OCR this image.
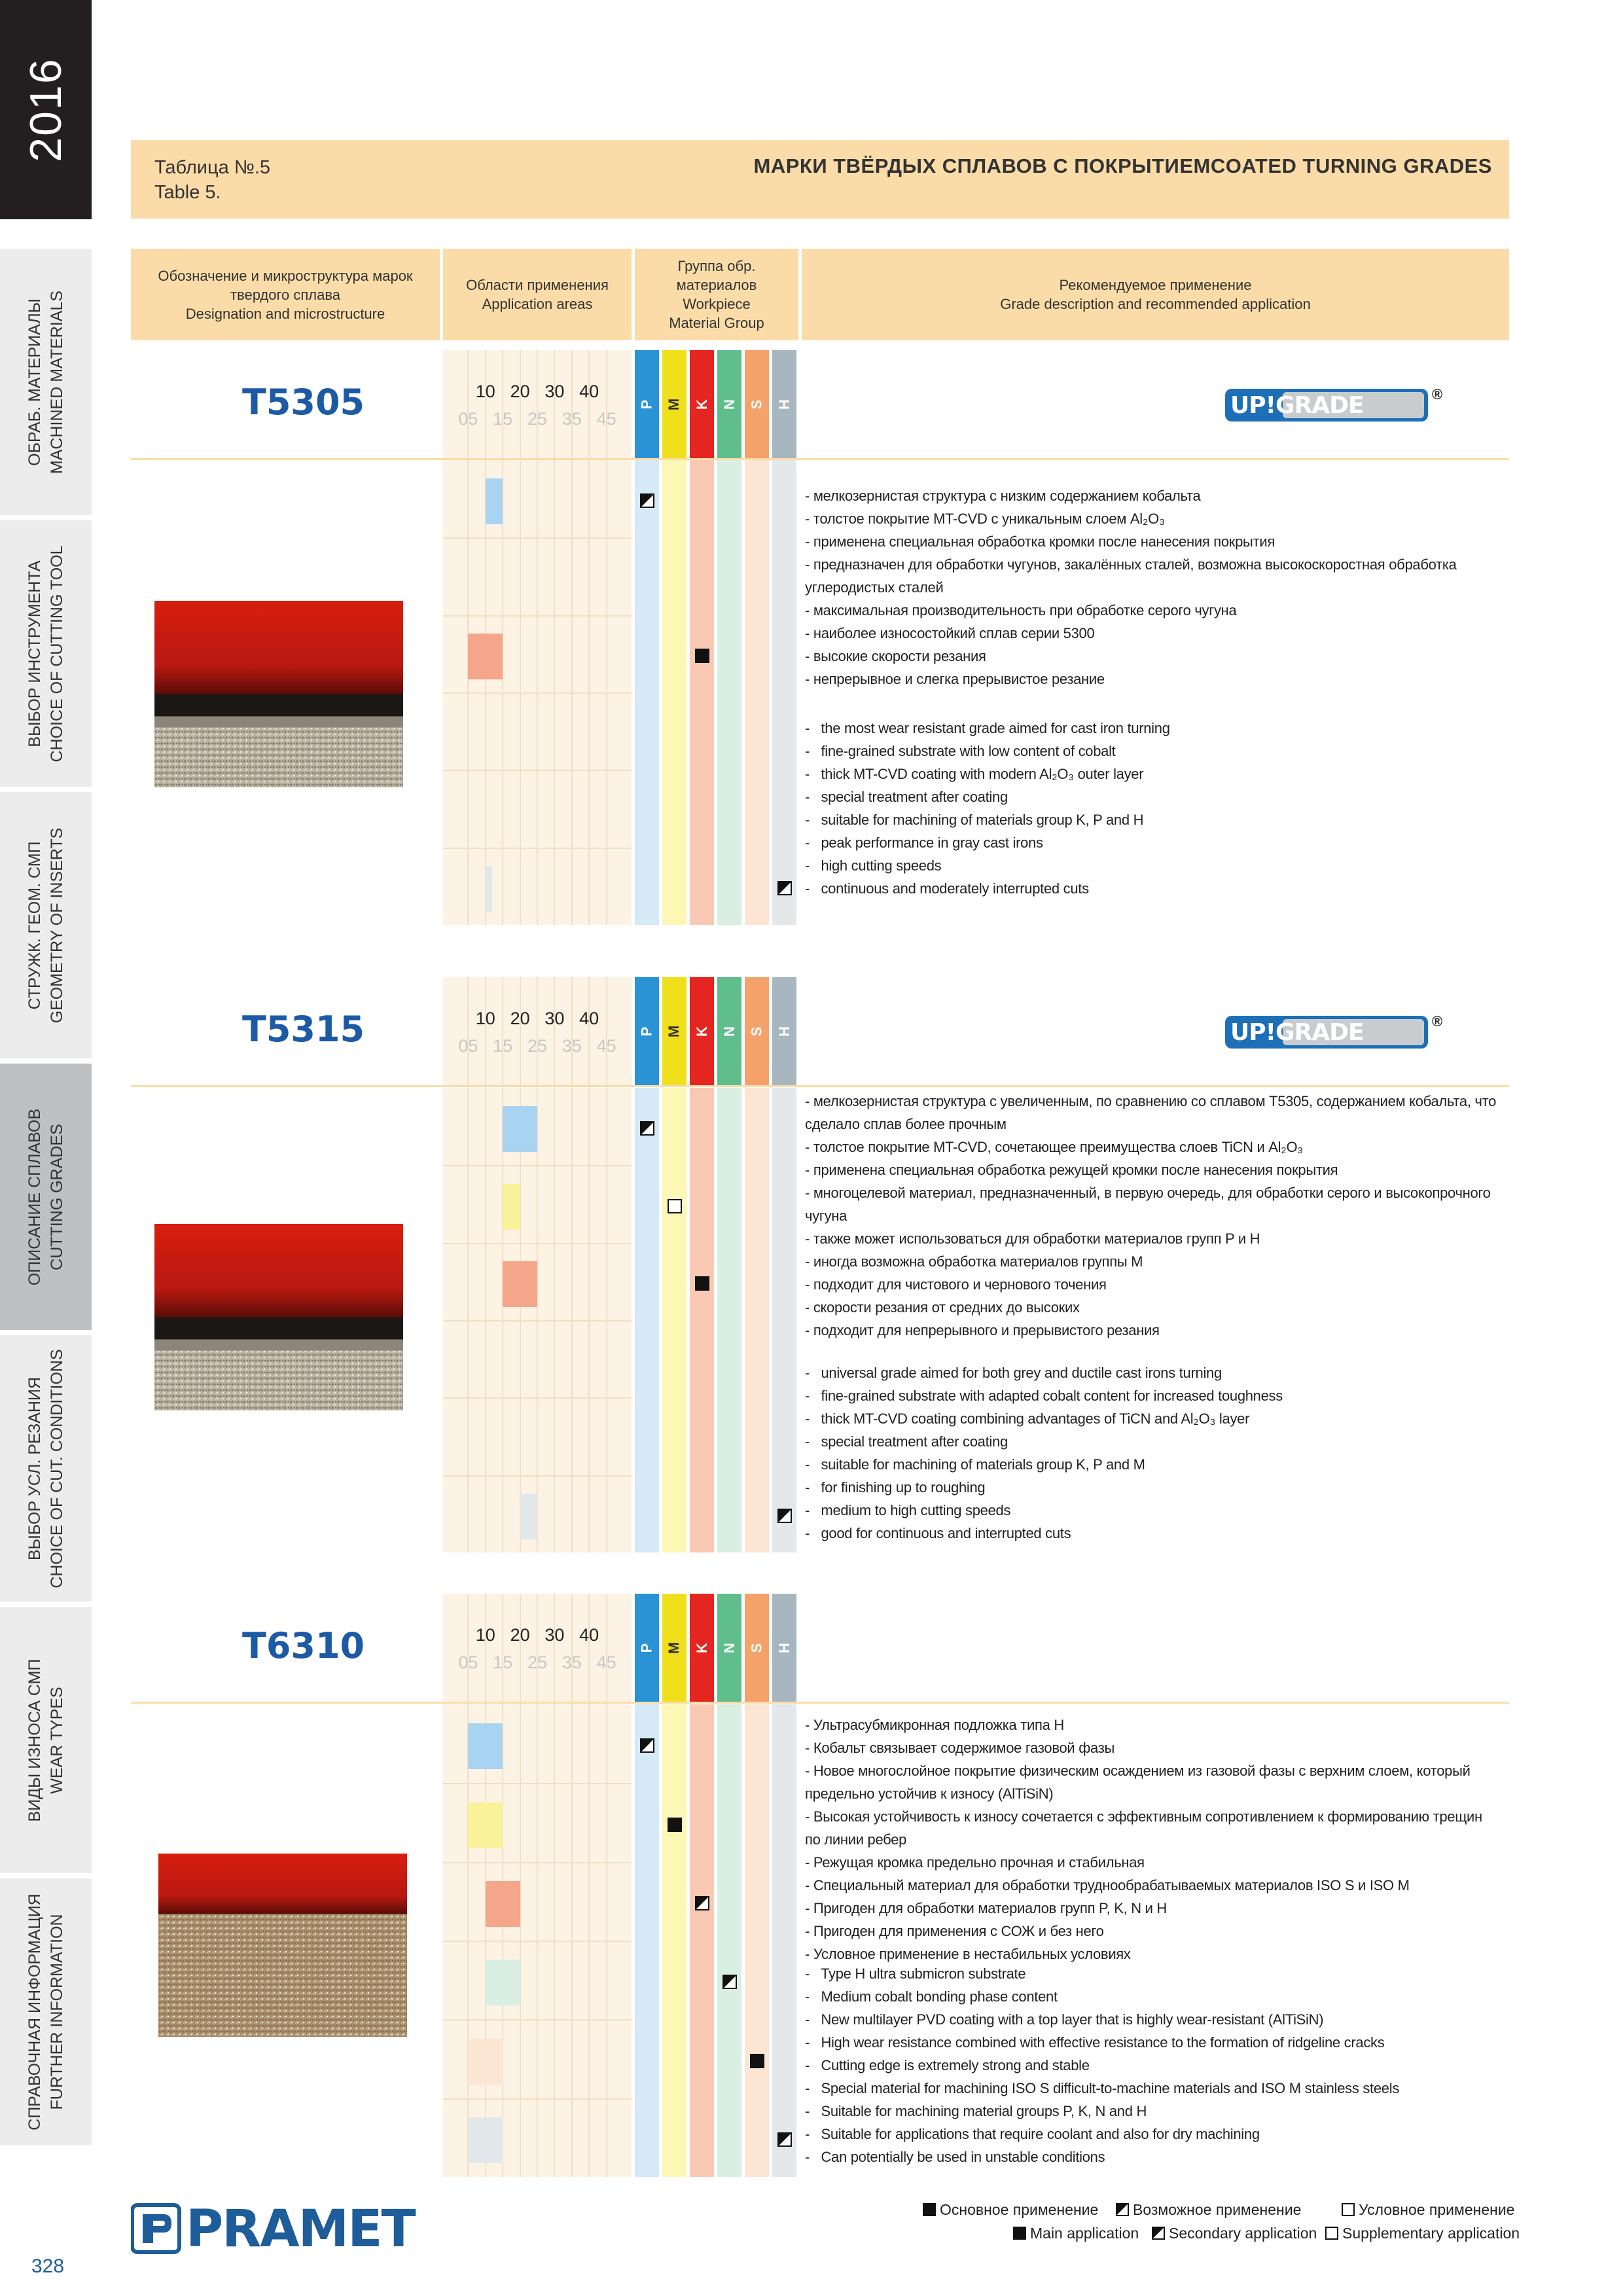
2016
ОБРАБ. МАТЕРИАЛЫ MACHINED MATERIALS
ВЫБОР ИНСТРУМЕНТА CHOICE OF CUTTING TOOL
СТРУЖК. ГЕОМ. СМП GEOMETRY OF INSERTS
ОПИСАНИЕ СПЛАВОВ CUTTING GRADES
ВЫБОР УСЛ. РЕЗАНИЯ CHOICE OF CUT. CONDITIONS
ВИДЫ ИЗНОСА СМП WEAR TYPES
СПРАВОЧНАЯ ИНФОРМАЦИЯ FURTHER INFORMATION
328
Таблица №.5
Table 5.
МАРКИ ТВЁРДЫХ СПЛАВОВ С ПОКРЫТИЕМCOATED TURNING GRADES
Обозначение и микроструктура марок твердого сплава
Designation and microstructure
Области применения
Application areas
Группа обр.
материалов
Workpiece
Material Group
Рекомендуемое применение
Grade description and recommended application
P M K N S H
10 20 30 40
05 15 25 35 45
T5305	UP!GRADE	®

- мелкозернистая структура с низким содержанием кобальта

- толстое покрытие MT-CVD с уникальным слоем Al₂O₃

- применена специальная обработка кромки после нанесения покрытия

- предназначен для обработки чугунов, закалённых сталей, возможна высокоскоростная обработка углеродистых сталей

- максимальная производительность при обработке серого чугуна

- наиболее износостойкий сплав серии 5300

- высокие скорости резания

- непрерывное и слегка прерывистое резание

- the most wear resistant grade aimed for cast iron turning

- fine-grained substrate with low content of cobalt

- thick MT-CVD coating with modern Al₂O₃ outer layer

- special treatment after coating

- suitable for machining of materials group K, P and H

- peak performance in gray cast irons

- high cutting speeds

- continuous and moderately interrupted cuts

P M K N S H
10 20 30 40
05 15 25 35 45
T5315	UP!GRADE	®

- мелкозернистая структура с увеличенным, по сравнению со сплавом T5305, содержанием кобальта, что сделало сплав более прочным

- толстое покрытие MT-CVD, сочетающее преимущества слоев TiCN и Al₂O₃

- применена специальная обработка режущей кромки после нанесения покрытия

- многоцелевой материал, предназначенный, в первую очередь, для обработки серого и высокопрочного чугуна

- также может использоваться для обработки материалов групп P и H

- иногда возможна обработка материалов группы M

- подходит для чистового и чернового точения

- скорости резания от средних до высоких

- подходит для непрерывного и прерывистого резания

- universal grade aimed for both grey and ductile cast irons turning

- fine-grained substrate with adapted cobalt content for increased toughness

- thick MT-CVD coating combining advantages of TiCN and Al₂O₃ layer

- special treatment after coating

- suitable for machining of materials group K, P and M

- for finishing up to roughing

- medium to high cutting speeds

- good for continuous and interrupted cuts

P M K N S H
10 20 30 40
05 15 25 35 45
T6310

- Ультрасубмикронная подложка типа H

- Кобальт связывает содержимое газовой фазы

- Новое многослойное покрытие физическим осаждением из газовой фазы с верхним слоем, который предельно устойчив к износу (AlTiSiN)

- Высокая устойчивость к износу сочетается с эффективным сопротивлением к формированию трещин по линии ребер

- Режущая кромка предельно прочная и стабильная

- Специальный материал для обработки труднообрабатываемых материалов ISO S и ISO M

- Пригоден для обработки материалов групп P, K, N и H

- Пригоден для применения с СОЖ и без него

- Условное применение в нестабильных условиях

- Type H ultra submicron substrate

- Medium cobalt bonding phase content

- New multilayer PVD coating with a top layer that is highly wear-resistant (AlTiSiN)

- High wear resistance combined with effective resistance to the formation of ridgeline cracks

- Cutting edge is extremely strong and stable

- Special material for machining ISO S difficult-to-machine materials and ISO M stainless steels

- Suitable for machining material groups P, K, N and H

- Suitable for applications that require coolant and also for dry machining

- Can potentially be used in unstable conditions

Основное применение	Возможное применение	Условное применение
Main application	Secondary application	Supplementary application
PRAMET
